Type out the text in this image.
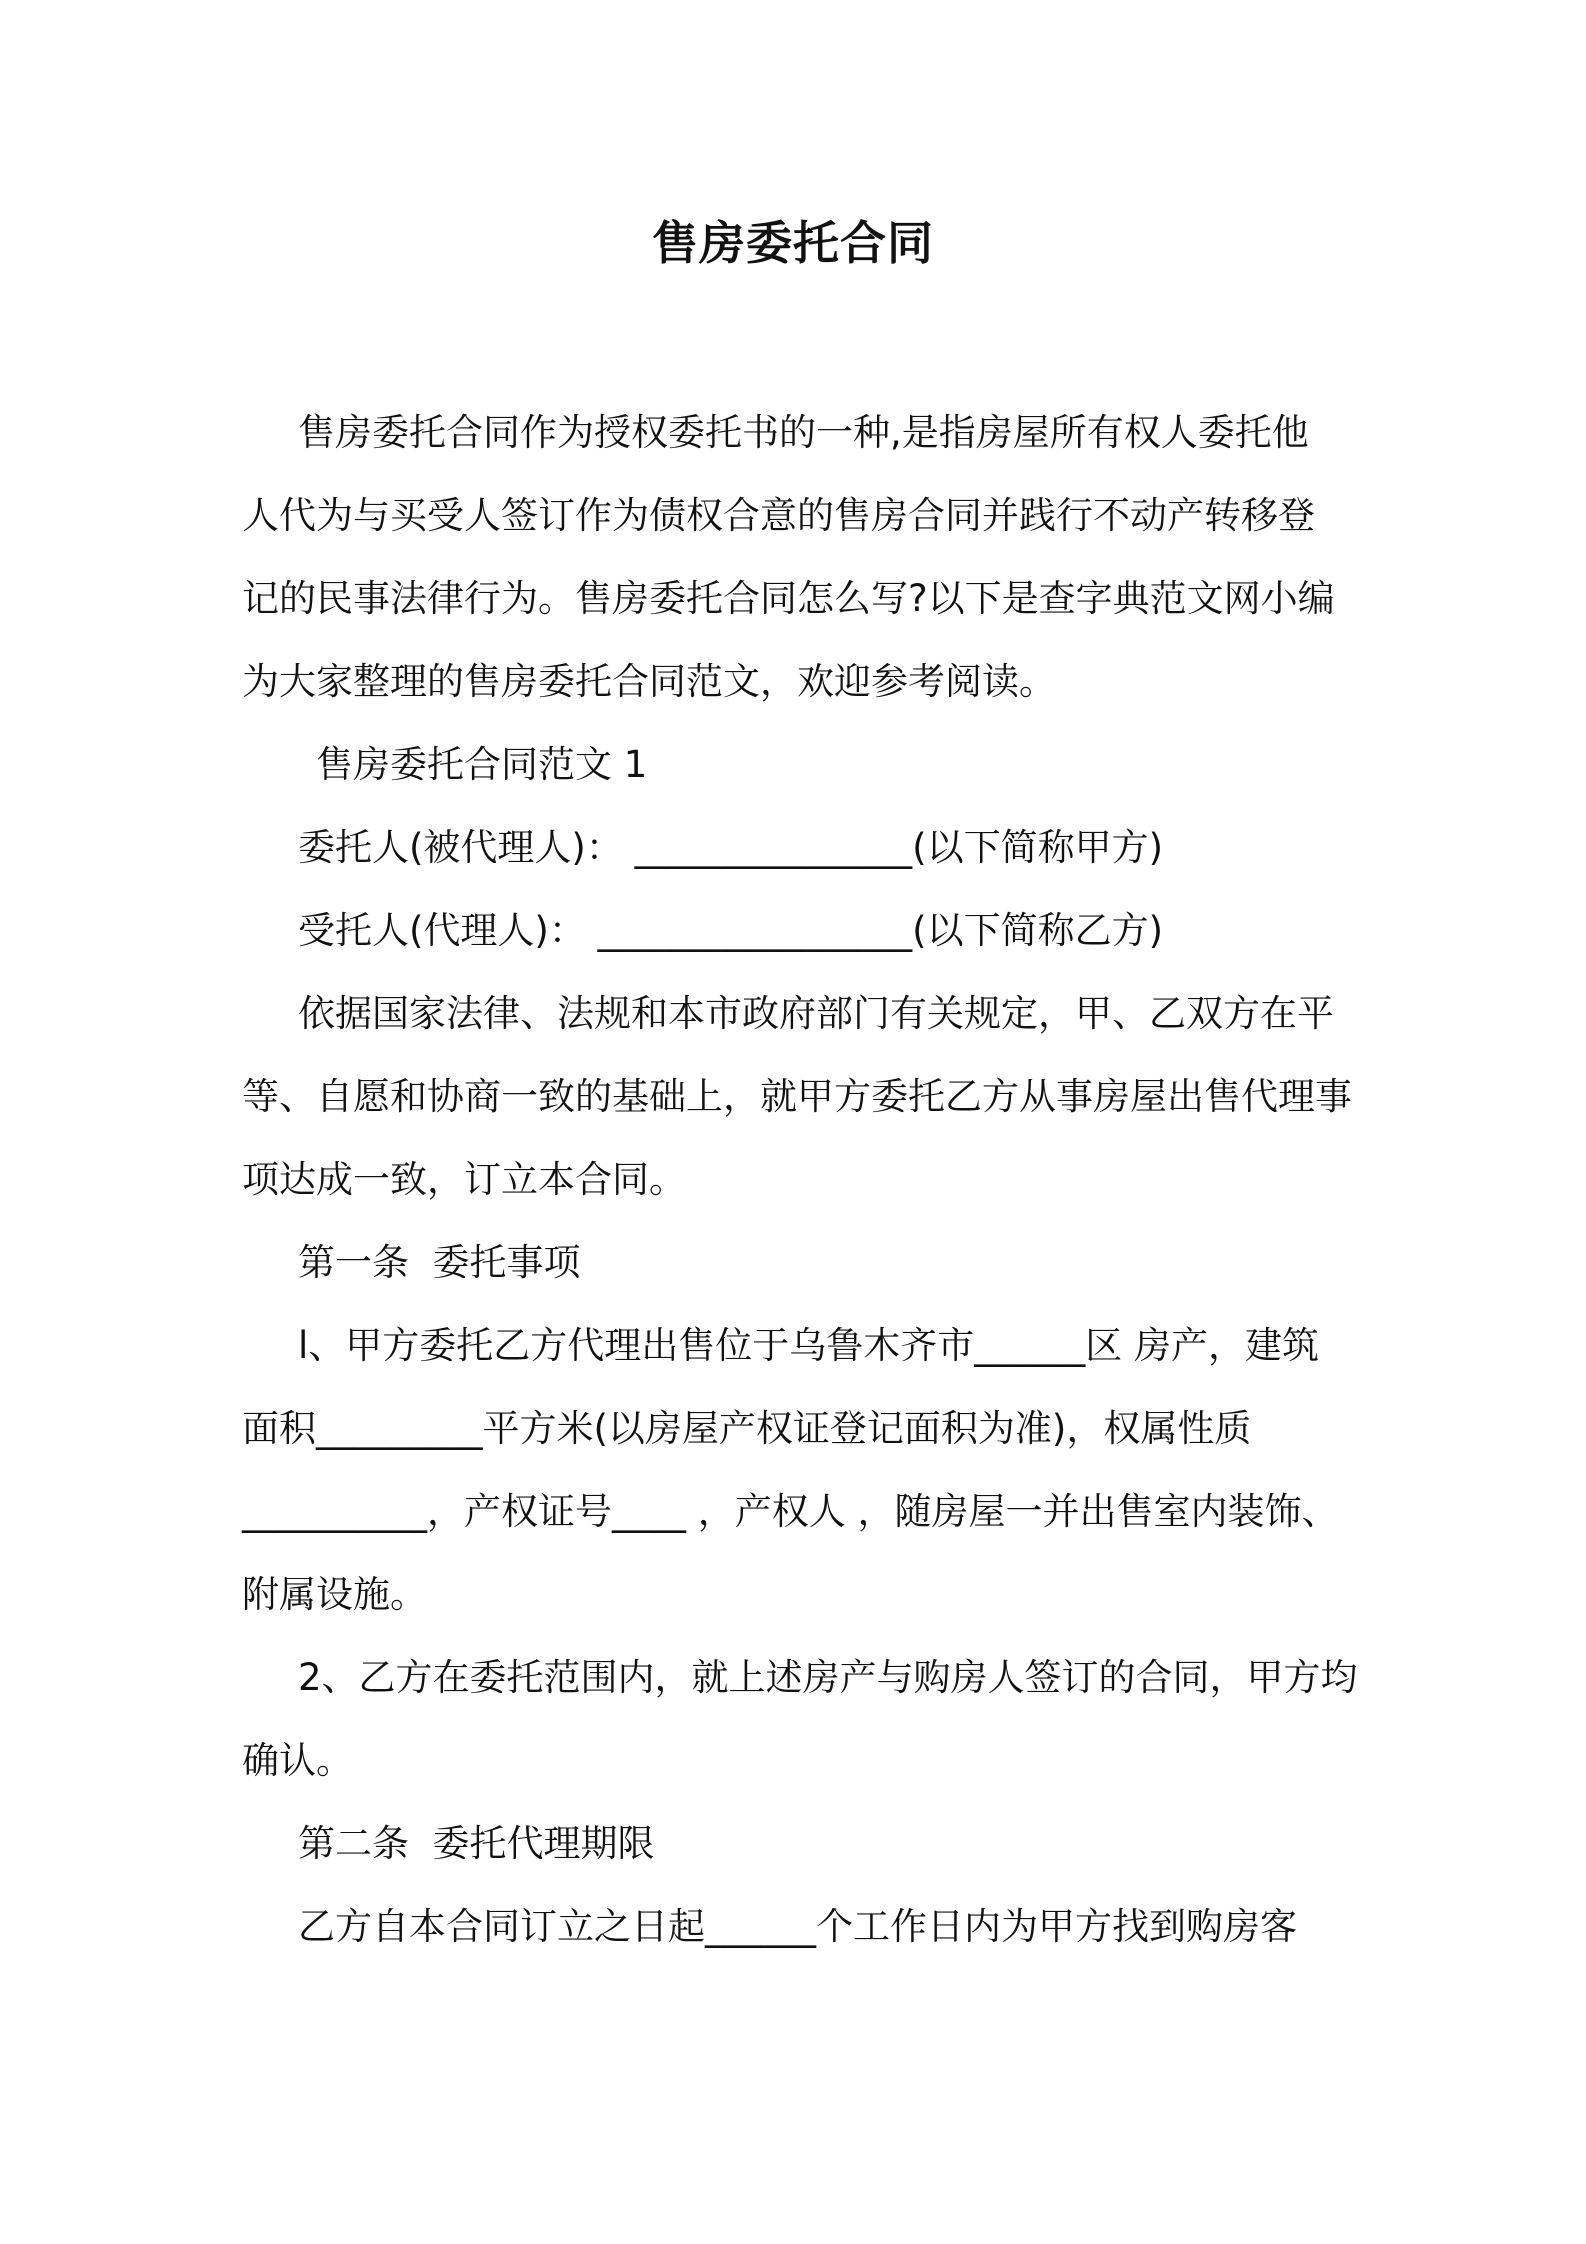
售房委托合同

售房委托合同作为授权委托书的一种,是指房屋所有权人委托他

人代为与买受人签订作为债权合意的售房合同并践行不动产转移登

记的民事法律行为。售房委托合同怎么写?以下是查字典范文网小编

为大家整理的售房委托合同范文，欢迎参考阅读。

售房委托合同范文 1

委托人(被代理人)： _______________(以下简称甲方)

受托人(代理人)： _________________(以下简称乙方)

依据国家法律、法规和本市政府部门有关规定，甲、乙双方在平

等、自愿和协商一致的基础上，就甲方委托乙方从事房屋出售代理事

项达成一致，订立本合同。

第一条  委托事项

l、甲方委托乙方代理出售位于乌鲁木齐市______区 房产，建筑

面积_________平方米(以房屋产权证登记面积为准)，权属性质

__________，产权证号____ ，产权人 ，随房屋一并出售室内装饰、

附属设施。

2、乙方在委托范围内，就上述房产与购房人签订的合同，甲方均

确认。

第二条  委托代理期限

乙方自本合同订立之日起______个工作日内为甲方找到购房客
